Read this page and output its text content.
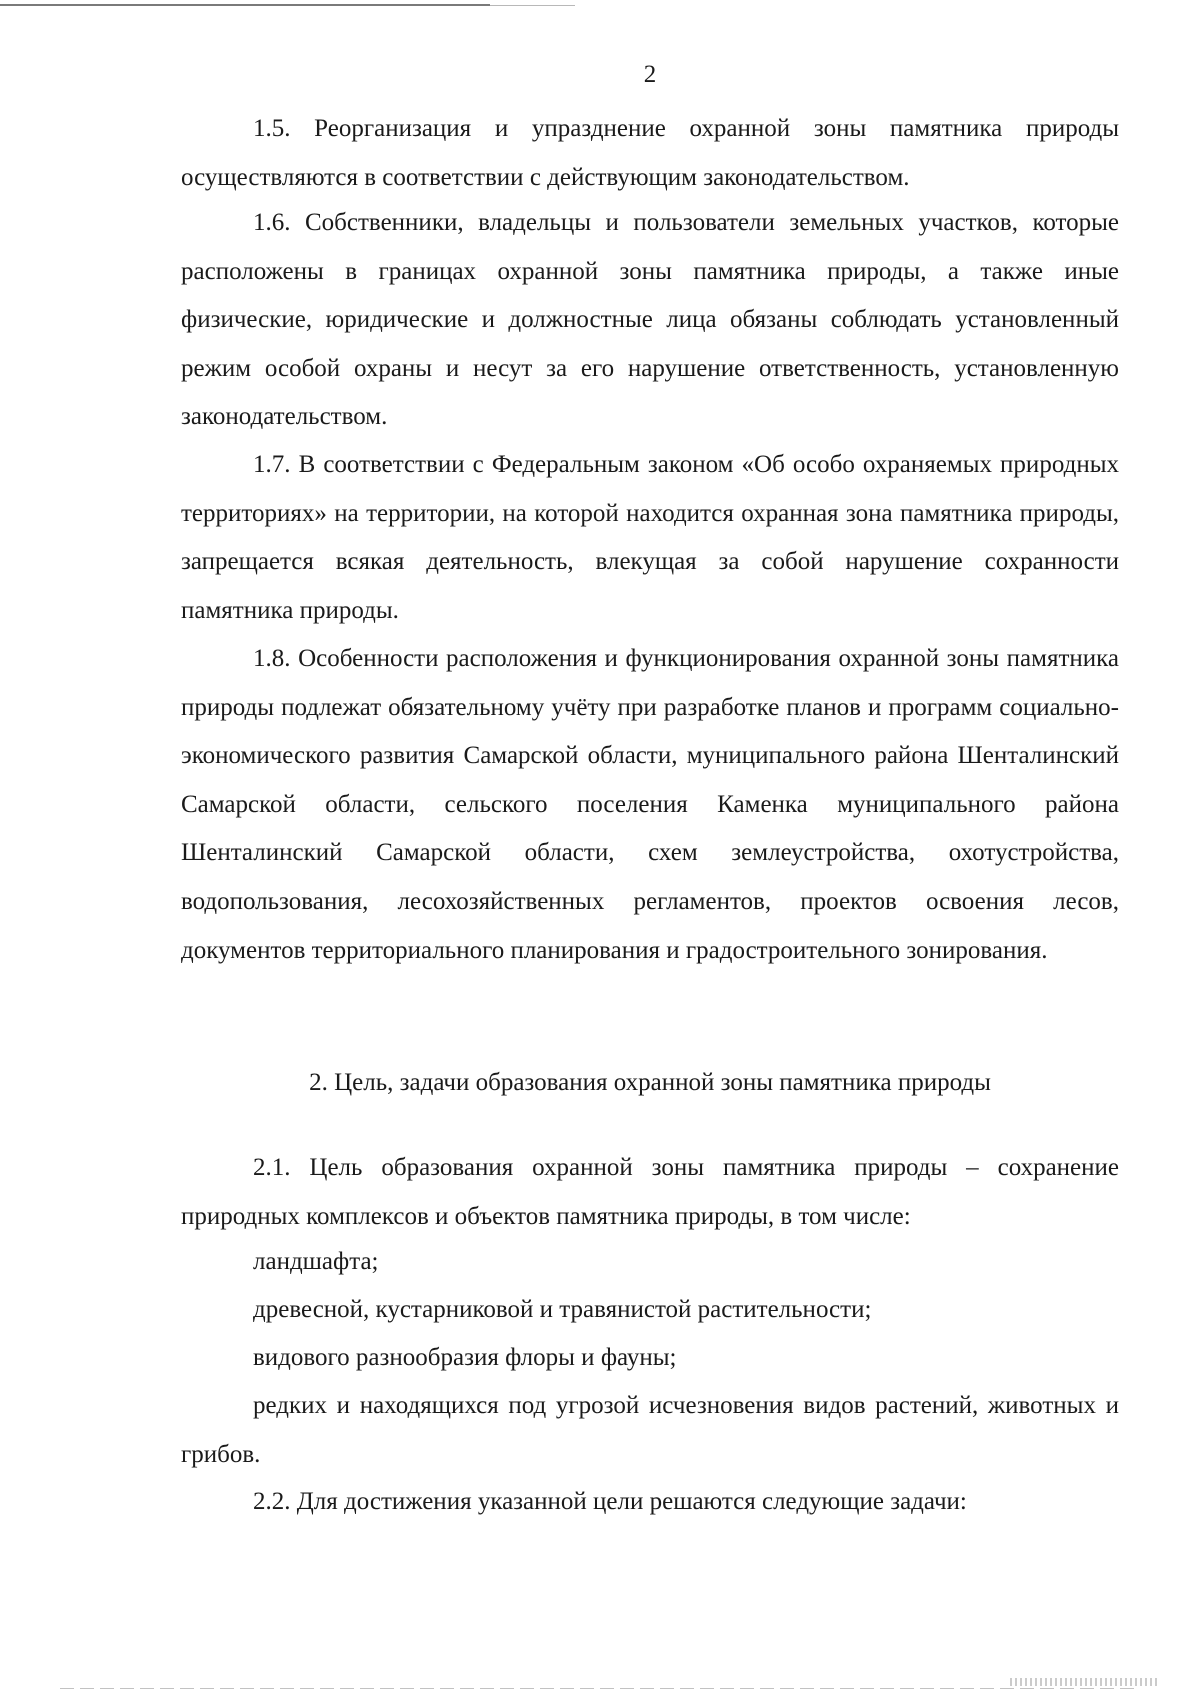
2

1.5. Реорганизация и упразднение охранной зоны памятника природы осуществляются в соответствии с действующим законодательством.

1.6. Собственники, владельцы и пользователи земельных участков, которые расположены в границах охранной зоны памятника природы, а также иные физические, юридические и должностные лица обязаны соблюдать установленный режим особой охраны и несут за его нарушение ответственность, установленную законодательством.

1.7. В соответствии с Федеральным законом «Об особо охраняемых природных территориях» на территории, на которой находится охранная зона памятника природы, запрещается всякая деятельность, влекущая за собой нарушение сохранности памятника природы.

1.8. Особенности расположения и функционирования охранной зоны памятника природы подлежат обязательному учёту при разработке планов и программ социально-экономического развития Самарской области, муниципального района Шенталинский Самарской области, сельского поселения Каменка муниципального района Шенталинский Самарской области, схем землеустройства, охотустройства, водопользования, лесохозяйственных регламентов, проектов освоения лесов, документов территориального планирования и градостроительного зонирования.

2. Цель, задачи образования охранной зоны памятника природы

2.1. Цель образования охранной зоны памятника природы – сохранение природных комплексов и объектов памятника природы, в том числе:

ландшафта;

древесной, кустарниковой и травянистой растительности;

видового разнообразия флоры и фауны;

редких и находящихся под угрозой исчезновения видов растений, животных и грибов.

2.2. Для достижения указанной цели решаются следующие задачи:
